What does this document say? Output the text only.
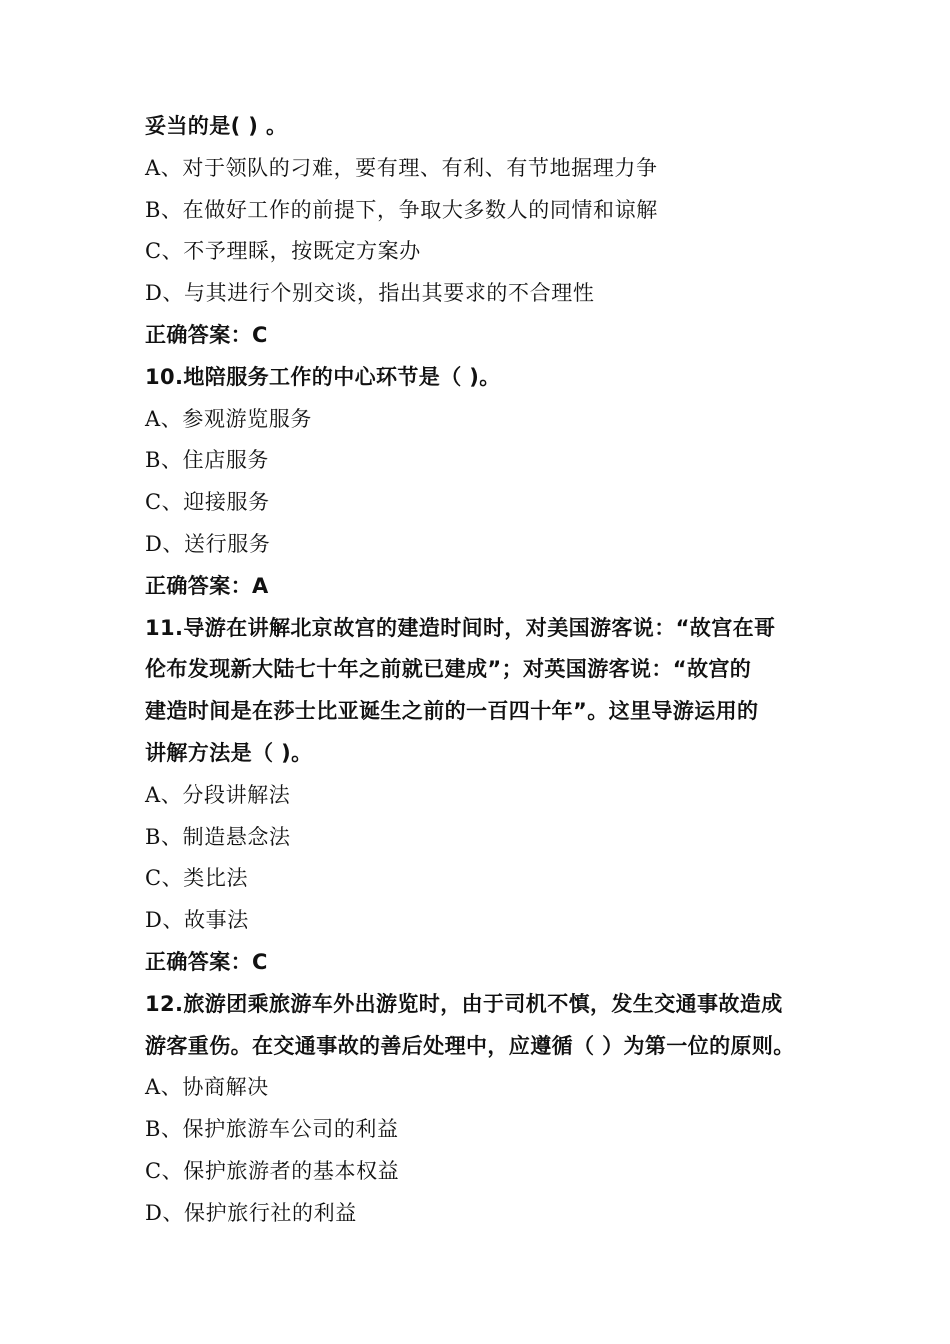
妥当的是( ) 。
A、对于领队的刁难，要有理、有利、有节地据理力争
B、在做好工作的前提下，争取大多数人的同情和谅解
C、不予理睬，按既定方案办
D、与其进行个别交谈，指出其要求的不合理性
正确答案：C
10.地陪服务工作的中心环节是（ )。
A、参观游览服务
B、住店服务
C、迎接服务
D、送行服务
正确答案：A
11.导游在讲解北京故宫的建造时间时，对美国游客说：“故宫在哥
伦布发现新大陆七十年之前就已建成”；对英国游客说：“故宫的
建造时间是在莎士比亚诞生之前的一百四十年”。这里导游运用的
讲解方法是（ )。
A、分段讲解法
B、制造悬念法
C、类比法
D、故事法
正确答案：C
12.旅游团乘旅游车外出游览时，由于司机不慎，发生交通事故造成
游客重伤。在交通事故的善后处理中，应遵循（ ）为第一位的原则。
A、协商解决
B、保护旅游车公司的利益
C、保护旅游者的基本权益
D、保护旅行社的利益
